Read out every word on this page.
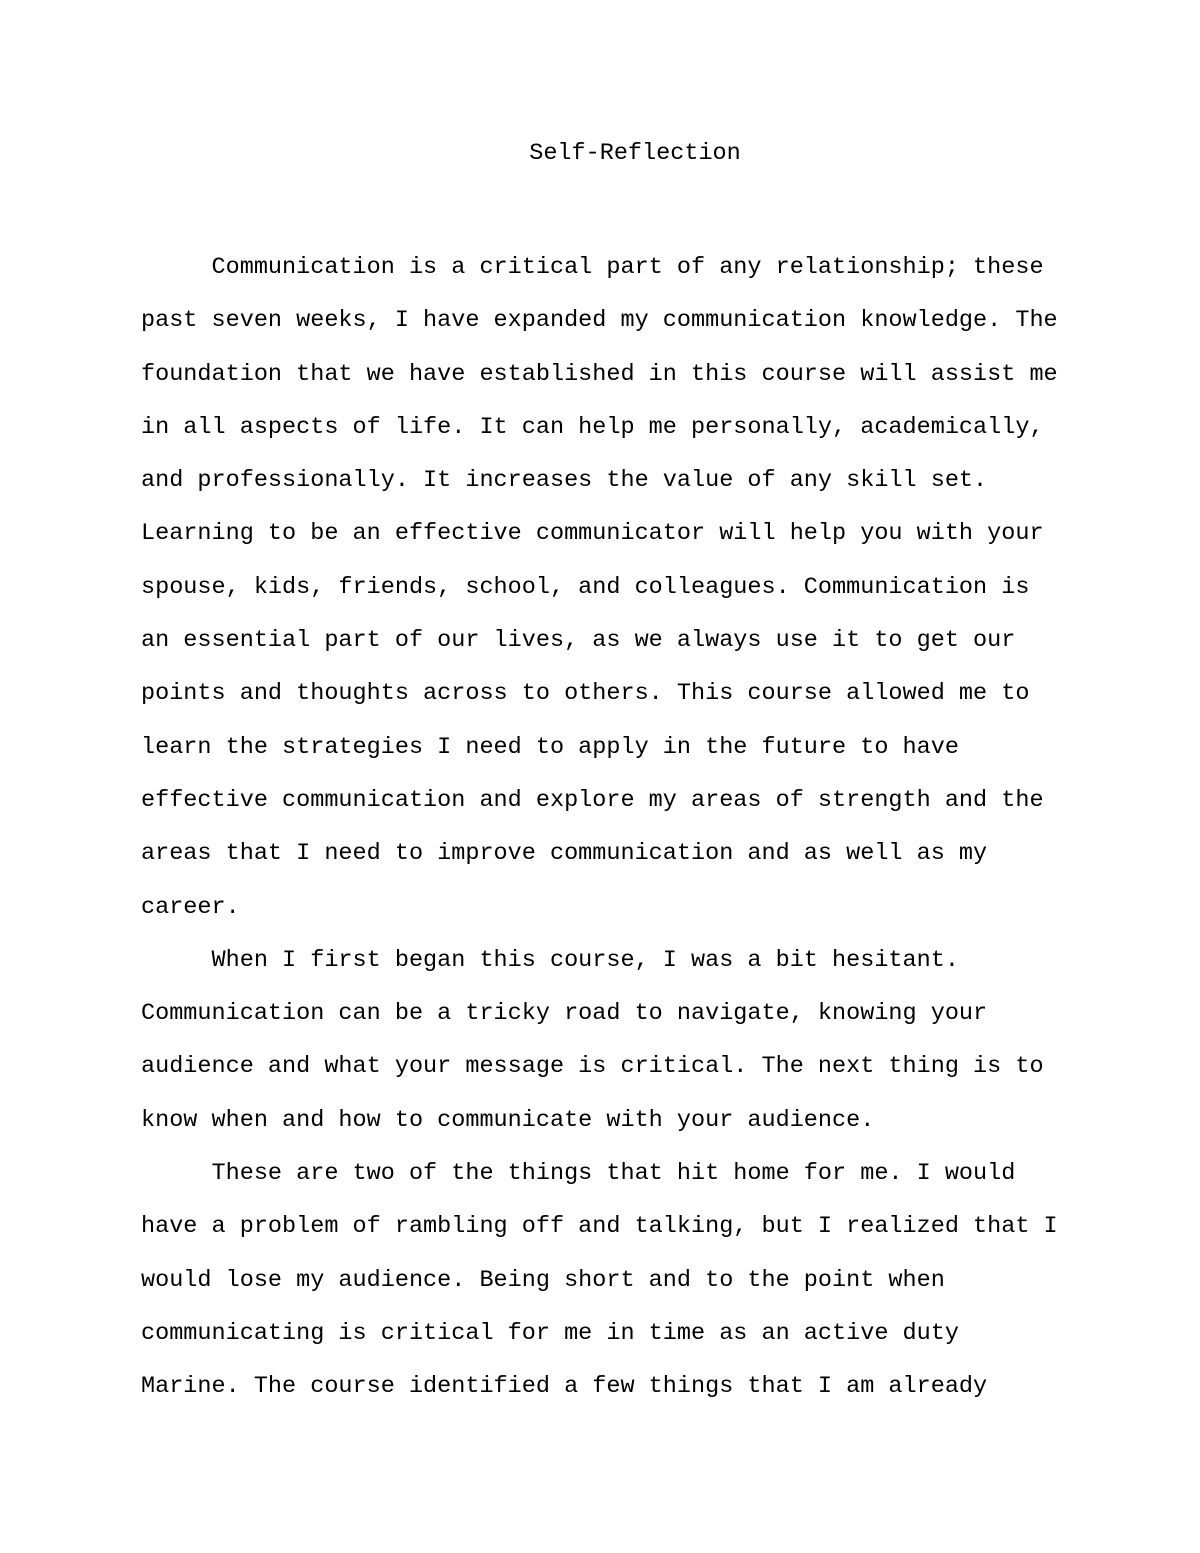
Self-Reflection
Communication is a critical part of any relationship; these
past seven weeks, I have expanded my communication knowledge. The
foundation that we have established in this course will assist me
in all aspects of life. It can help me personally, academically,
and professionally. It increases the value of any skill set.
Learning to be an effective communicator will help you with your
spouse, kids, friends, school, and colleagues. Communication is
an essential part of our lives, as we always use it to get our
points and thoughts across to others. This course allowed me to
learn the strategies I need to apply in the future to have
effective communication and explore my areas of strength and the
areas that I need to improve communication and as well as my
career.
When I first began this course, I was a bit hesitant.
Communication can be a tricky road to navigate, knowing your
audience and what your message is critical. The next thing is to
know when and how to communicate with your audience.
These are two of the things that hit home for me. I would
have a problem of rambling off and talking, but I realized that I
would lose my audience. Being short and to the point when
communicating is critical for me in time as an active duty
Marine. The course identified a few things that I am already
